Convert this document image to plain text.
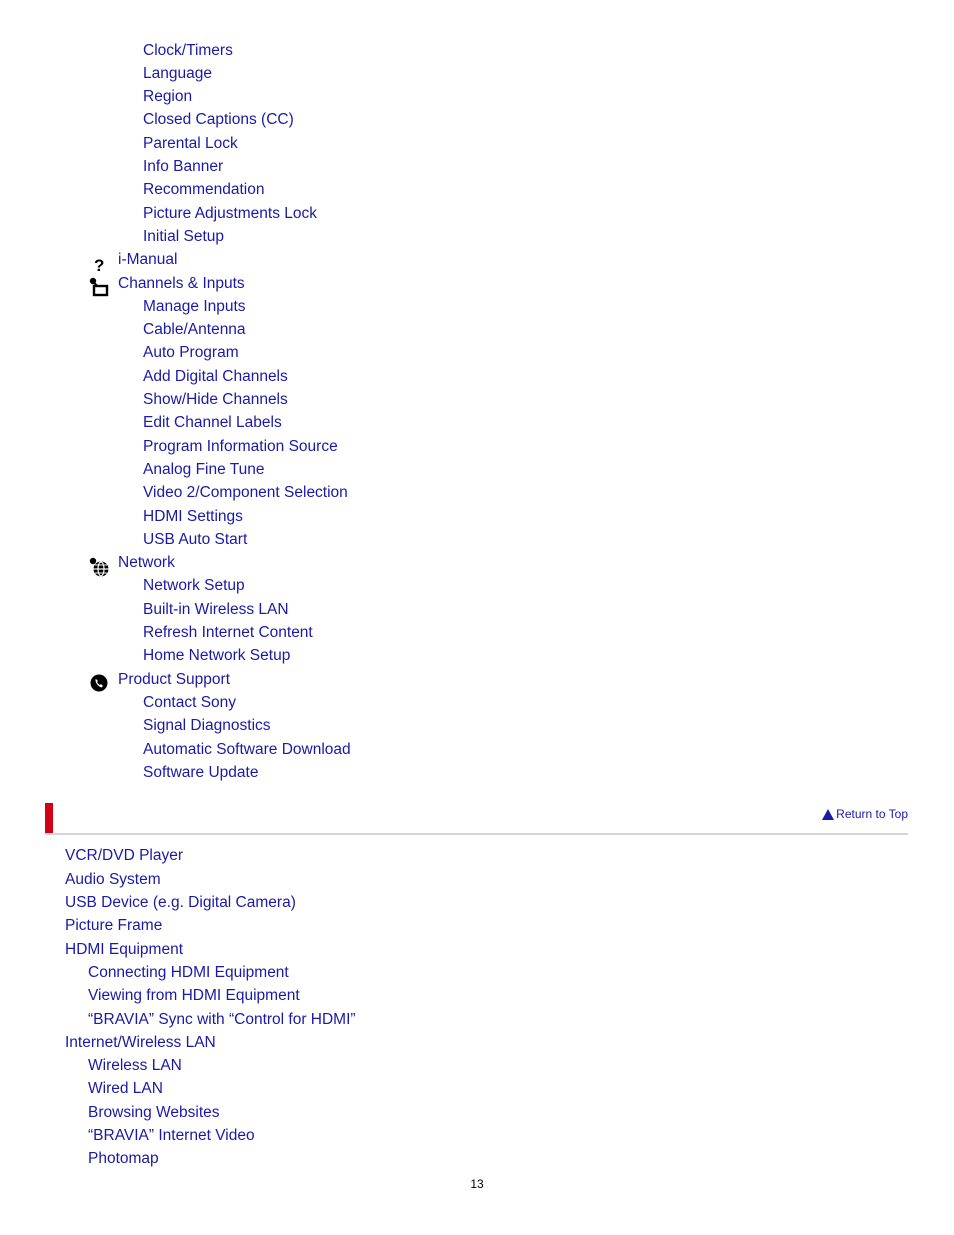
Clock/Timers
Language
Region
Closed Captions (CC)
Parental Lock
Info Banner
Recommendation
Picture Adjustments Lock
Initial Setup
? i-Manual
Channels & Inputs
Manage Inputs
Cable/Antenna
Auto Program
Add Digital Channels
Show/Hide Channels
Edit Channel Labels
Program Information Source
Analog Fine Tune
Video 2/Component Selection
HDMI Settings
USB Auto Start
Network
Network Setup
Built-in Wireless LAN
Refresh Internet Content
Home Network Setup
Product Support
Contact Sony
Signal Diagnostics
Automatic Software Download
Software Update
Return to Top
VCR/DVD Player
Audio System
USB Device (e.g. Digital Camera)
Picture Frame
HDMI Equipment
Connecting HDMI Equipment
Viewing from HDMI Equipment
“BRAVIA” Sync with “Control for HDMI”
Internet/Wireless LAN
Wireless LAN
Wired LAN
Browsing Websites
“BRAVIA” Internet Video
Photomap
13
